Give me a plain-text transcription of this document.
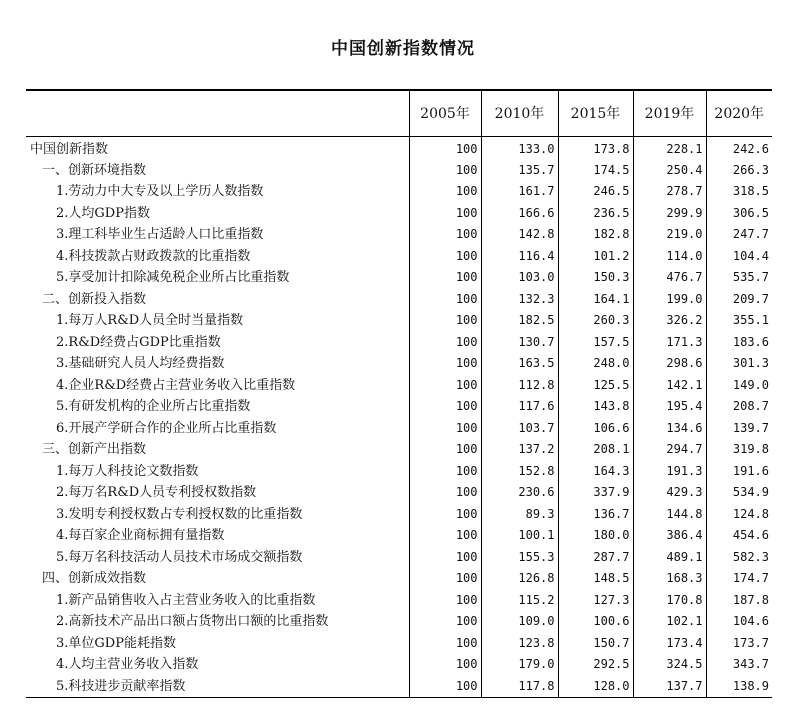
中国创新指数情况
	2005年	2010年	2015年	2019年	2020年
中国创新指数	100	133.0	173.8	228.1	242.6
一、创新环境指数	100	135.7	174.5	250.4	266.3
1.劳动力中大专及以上学历人数指数	100	161.7	246.5	278.7	318.5
2.人均GDP指数	100	166.6	236.5	299.9	306.5
3.理工科毕业生占适龄人口比重指数	100	142.8	182.8	219.0	247.7
4.科技拨款占财政拨款的比重指数	100	116.4	101.2	114.0	104.4
5.享受加计扣除减免税企业所占比重指数	100	103.0	150.3	476.7	535.7
二、创新投入指数	100	132.3	164.1	199.0	209.7
1.每万人R&D人员全时当量指数	100	182.5	260.3	326.2	355.1
2.R&D经费占GDP比重指数	100	130.7	157.5	171.3	183.6
3.基础研究人员人均经费指数	100	163.5	248.0	298.6	301.3
4.企业R&D经费占主营业务收入比重指数	100	112.8	125.5	142.1	149.0
5.有研发机构的企业所占比重指数	100	117.6	143.8	195.4	208.7
6.开展产学研合作的企业所占比重指数	100	103.7	106.6	134.6	139.7
三、创新产出指数	100	137.2	208.1	294.7	319.8
1.每万人科技论文数指数	100	152.8	164.3	191.3	191.6
2.每万名R&D人员专利授权数指数	100	230.6	337.9	429.3	534.9
3.发明专利授权数占专利授权数的比重指数	100	89.3	136.7	144.8	124.8
4.每百家企业商标拥有量指数	100	100.1	180.0	386.4	454.6
5.每万名科技活动人员技术市场成交额指数	100	155.3	287.7	489.1	582.3
四、创新成效指数	100	126.8	148.5	168.3	174.7
1.新产品销售收入占主营业务收入的比重指数	100	115.2	127.3	170.8	187.8
2.高新技术产品出口额占货物出口额的比重指数	100	109.0	100.6	102.1	104.6
3.单位GDP能耗指数	100	123.8	150.7	173.4	173.7
4.人均主营业务收入指数	100	179.0	292.5	324.5	343.7
5.科技进步贡献率指数	100	117.8	128.0	137.7	138.9
